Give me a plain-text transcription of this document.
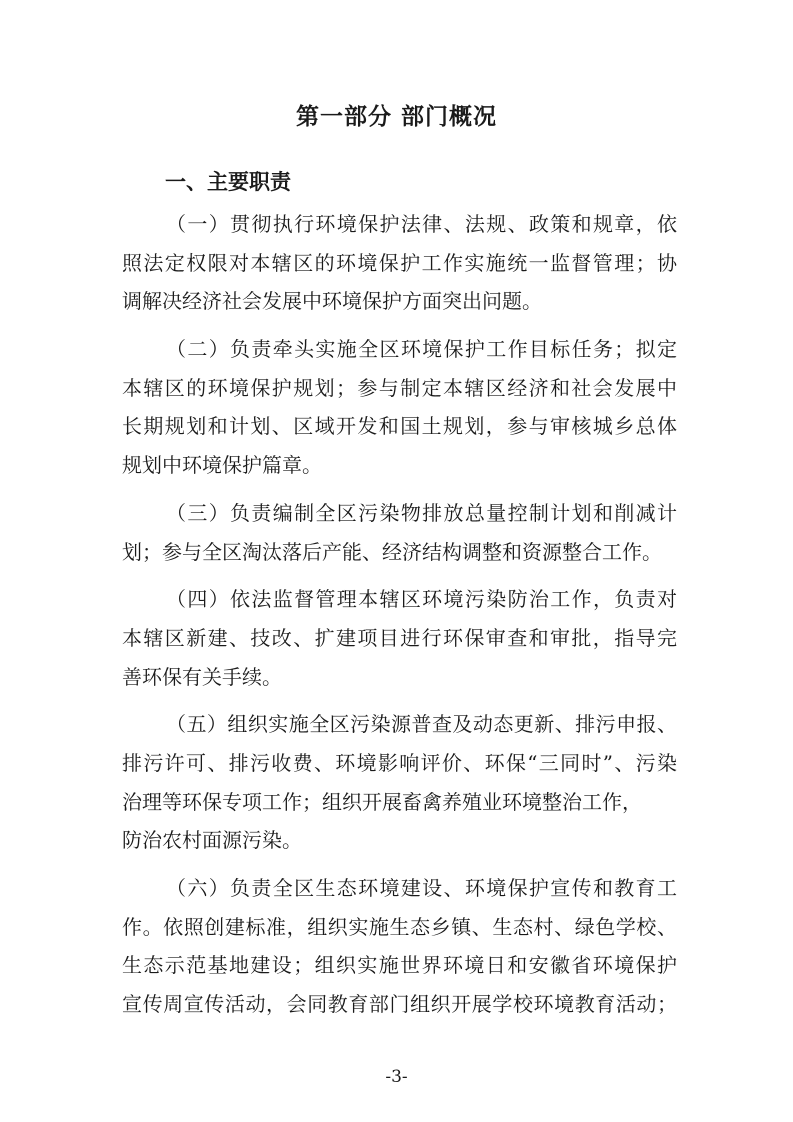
第一部分 部门概况
一、主要职责
（一）贯彻执行环境保护法律、法规、政策和规章，依
照法定权限对本辖区的环境保护工作实施统一监督管理；协
调解决经济社会发展中环境保护方面突出问题。
（二）负责牵头实施全区环境保护工作目标任务；拟定
本辖区的环境保护规划；参与制定本辖区经济和社会发展中
长期规划和计划、区域开发和国土规划，参与审核城乡总体
规划中环境保护篇章。
（三）负责编制全区污染物排放总量控制计划和削减计
划；参与全区淘汰落后产能、经济结构调整和资源整合工作。
（四）依法监督管理本辖区环境污染防治工作，负责对
本辖区新建、技改、扩建项目进行环保审查和审批，指导完
善环保有关手续。
（五）组织实施全区污染源普查及动态更新、排污申报、
排污许可、排污收费、环境影响评价、环保“三同时”、污染
治理等环保专项工作；组织开展畜禽养殖业环境整治工作，
防治农村面源污染。
（六）负责全区生态环境建设、环境保护宣传和教育工
作。依照创建标准，组织实施生态乡镇、生态村、绿色学校、
生态示范基地建设；组织实施世界环境日和安徽省环境保护
宣传周宣传活动，会同教育部门组织开展学校环境教育活动；
-3-
